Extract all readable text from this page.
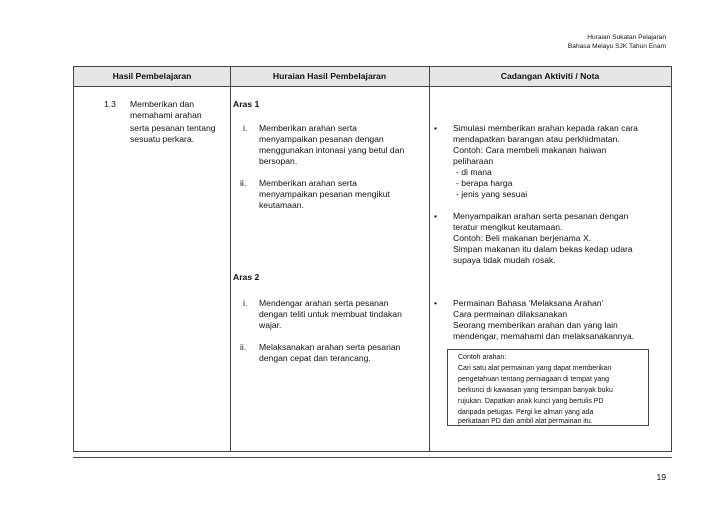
Huraian Sukatan Pelajaran
Bahasa Melayu SJK Tahun Enam
Hasil Pembelajaran	Huraian Hasil Pembelajaran	Cadangan Aktiviti / Nota
1.3 Memberikan dan
memahami arahan
serta pesanan tentang
sesuatu perkara.
Aras 1
i. Memberikan arahan serta
menyampaikan pesanan dengan
menggunakan intonasi yang betul dan
bersopan.
ii. Memberikan arahan serta
menyampaikan pesanan mengikut
keutamaan.
Aras 2
i. Mendengar arahan serta pesanan
dengan teliti untuk membuat tindakan
wajar.
ii. Melaksanakan arahan serta pesanan
dengan cepat dan terancang.
• Simulasi memberikan arahan kepada rakan cara
mendapatkan barangan atau perkhidmatan.
Contoh: Cara membeli makanan haiwan
peliharaan
- di mana
- berapa harga
- jenis yang sesuai
• Menyampaikan arahan serta pesanan dengan
teratur mengikut keutamaan.
Contoh: Beli makanan berjenama X.
Simpan makanan itu dalam bekas kedap udara
supaya tidak mudah rosak.
• Permainan Bahasa ‘Melaksana Arahan’
Cara permainan dilaksanakan
Seorang memberikan arahan dan yang lain
mendengar, memahami dan melaksanakannya.
Contoh arahan:
Cari satu alat permainan yang dapat memberikan
pengetahuan tentang perniagaan di tempat yang
berkunci di kawasan yang tersimpan banyak buku
rujukan. Dapatkan anak kunci yang bertulis PD
daripada petugas. Pergi ke almari yang ada
perkataan PD dan ambil alat permainan itu.
19
